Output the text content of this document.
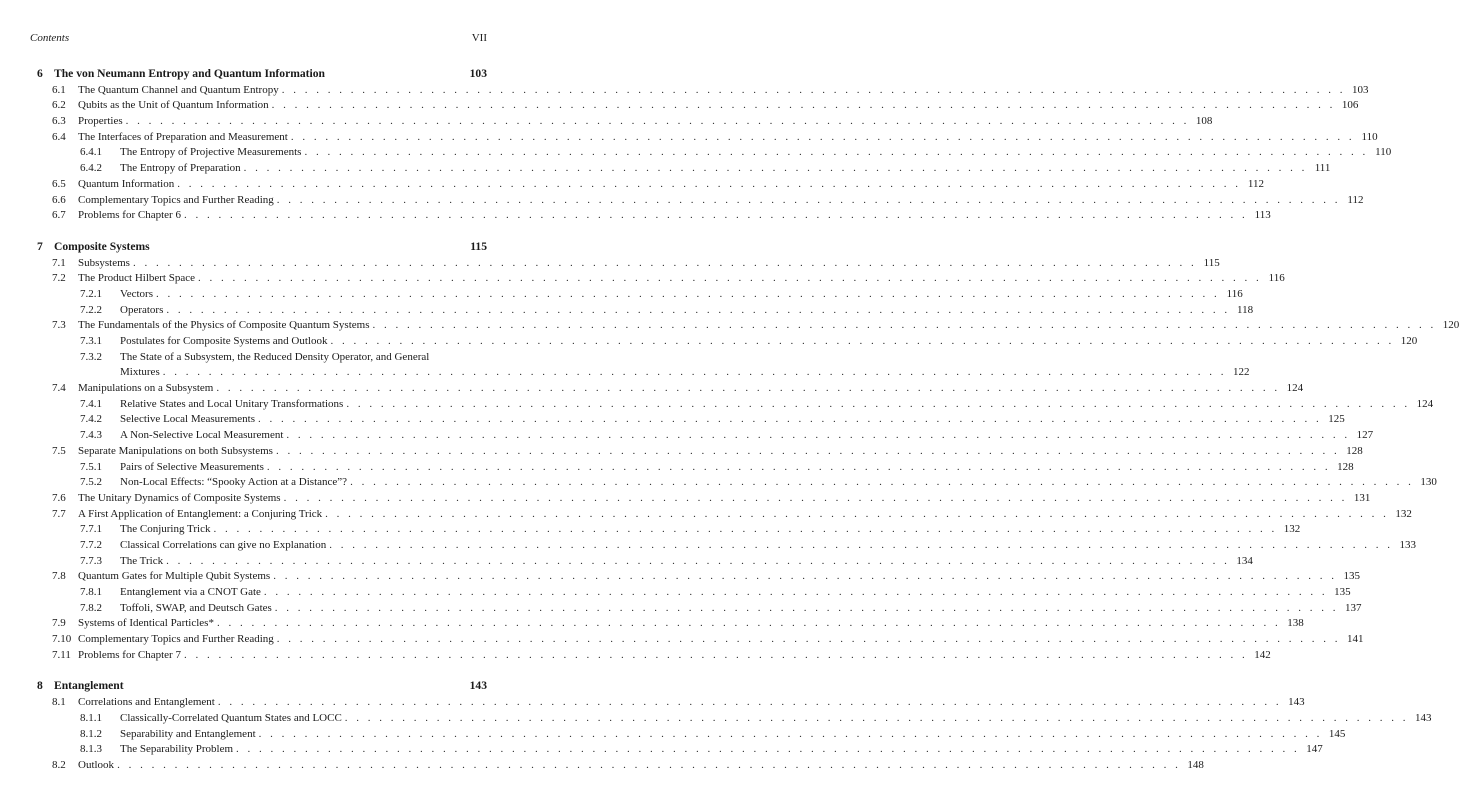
Contents	VII
6 The von Neumann Entropy and Quantum Information	103
6.1	The Quantum Channel and Quantum Entropy . . .	103
6.2	Qubits as the Unit of Quantum Information . . .	106
6.3	Properties . . .	108
6.4	The Interfaces of Preparation and Measurement . . .	110
6.4.1	The Entropy of Projective Measurements . . .	110
6.4.2	The Entropy of Preparation . . .	111
6.5	Quantum Information . . .	112
6.6	Complementary Topics and Further Reading . . .	112
6.7	Problems for Chapter 6 . . .	113
7 Composite Systems	115
7.1	Subsystems . . .	115
7.2	The Product Hilbert Space . . .	116
7.2.1	Vectors . . .	116
7.2.2	Operators . . .	118
7.3	The Fundamentals of the Physics of Composite Quantum Systems . . .	120
7.3.1	Postulates for Composite Systems and Outlook . . .	120
7.3.2	The State of a Subsystem, the Reduced Density Operator, and General
Mixtures . . .	122
7.4	Manipulations on a Subsystem . . .	124
7.4.1	Relative States and Local Unitary Transformations . . .	124
7.4.2	Selective Local Measurements . . .	125
7.4.3	A Non-Selective Local Measurement . . .	127
7.5	Separate Manipulations on both Subsystems . . .	128
7.5.1	Pairs of Selective Measurements . . .	128
7.5.2	Non-Local Effects: “Spooky Action at a Distance”? . . .	130
7.6	The Unitary Dynamics of Composite Systems . . .	131
7.7	A First Application of Entanglement: a Conjuring Trick . . .	132
7.7.1	The Conjuring Trick . . .	132
7.7.2	Classical Correlations can give no Explanation . . .	133
7.7.3	The Trick . . .	134
7.8	Quantum Gates for Multiple Qubit Systems . . .	135
7.8.1	Entanglement via a CNOT Gate . . .	135
7.8.2	Toffoli, SWAP, and Deutsch Gates . . .	137
7.9	Systems of Identical Particles* . . .	138
7.10 Complementary Topics and Further Reading . . .	141
7.11 Problems for Chapter 7 . . .	142
8 Entanglement	143
8.1	Correlations and Entanglement . . .	143
8.1.1	Classically-Correlated Quantum States and LOCC . . .	143
8.1.2	Separability and Entanglement . . .	145
8.1.3	The Separability Problem . . .	147
8.2	Outlook . . .	148
